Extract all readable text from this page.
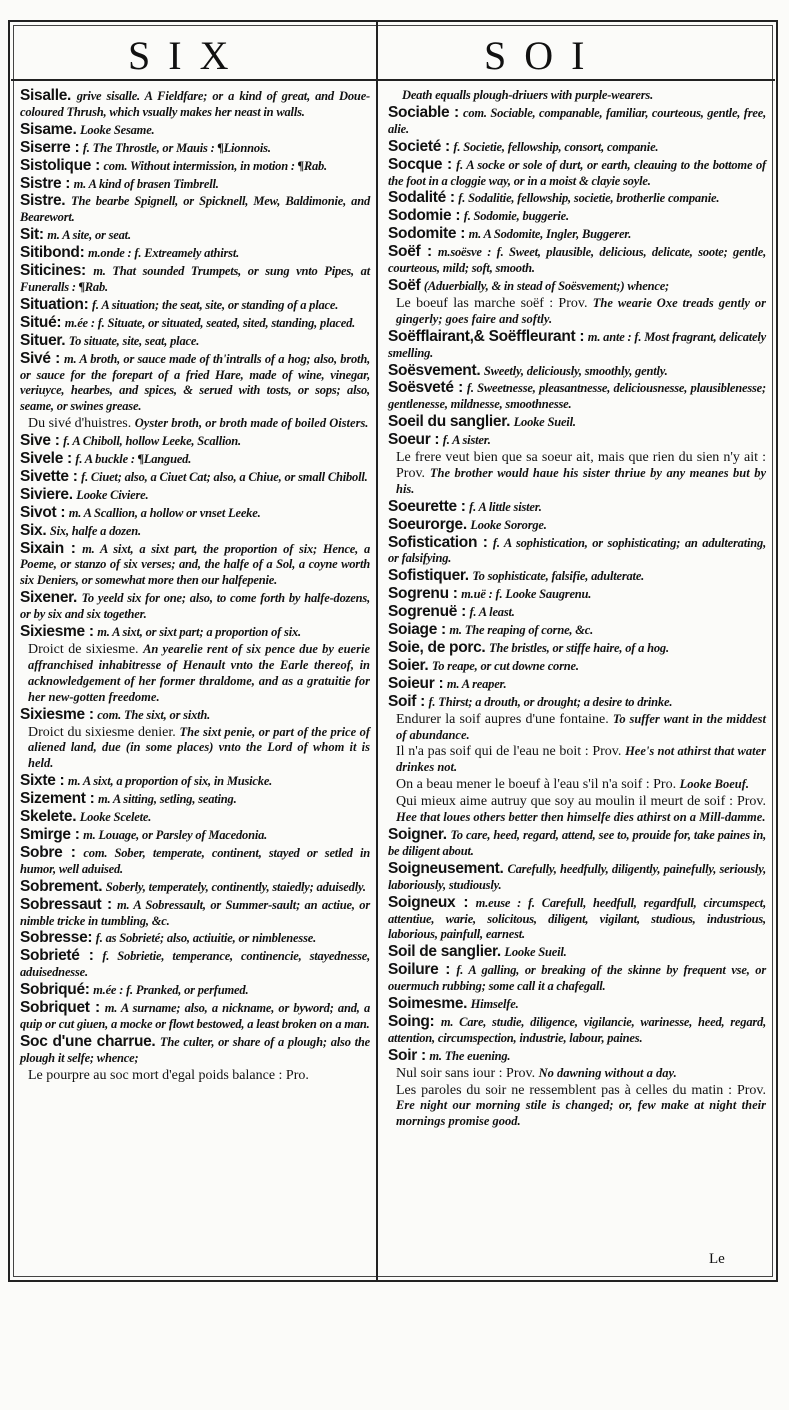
SIX	SOI
Sisalle. grive sisalle. A Fieldfare; or a kind of great, and Doue-coloured Thrush, which vsually makes her neast in walls.
Sisame. Looke Sesame.
Siserre : f. The Throstle, or Mauis : ¶Lionnois.
Sistolique : com. Without intermission, in motion : ¶Rab.
Sistre : m. A kind of brasen Timbrell.
Sistre. The bearbe Spignell, or Spicknell, Mew, Baldimonie, and Bearewort.
Sit: m. A site, or seat.
Sitibond: m.onde : f. Extreamely athirst.
Siticines: m. That sounded Trumpets, or sung vnto Pipes, at Funeralls : ¶Rab.
Situation: f. A situation; the seat, site, or standing of a place.
Situé: m.ée : f. Situate, or situated, seated, sited, standing, placed.
Situer. To situate, site, seat, place.
Sivé : m. A broth, or sauce made of th'intralls of a hog; also, broth, or sauce for the forepart of a fried Hare, made of wine, vinegar, veriuyce, hearbes, and spices, & serued with tosts, or sops; also, seame, or swines grease.
Du sivé d'huistres. Oyster broth, or broth made of boiled Oisters.
Sive : f. A Chiboll, hollow Leeke, Scallion.
Sivele : f. A buckle : ¶Langued.
Sivette : f. Ciuet; also, a Ciuet Cat; also, a Chiue, or small Chiboll.
Siviere. Looke Civiere.
Sivot : m. A Scallion, a hollow or vnset Leeke.
Six. Six, halfe a dozen.
Sixain : m. A sixt, a sixt part, the proportion of six; Hence, a Poeme, or stanzo of six verses; and, the halfe of a Sol, a coyne worth six Deniers, or somewhat more then our halfepenie.
Sixener. To yeeld six for one; also, to come forth by halfe-dozens, or by six and six together.
Sixiesme : m. A sixt, or sixt part; a proportion of six.
Droict de sixiesme. An yearelie rent of six pence due by euerie affranchised inhabitresse of Henault vnto the Earle thereof, in acknowledgement of her former thraldome, and as a gratuitie for her new-gotten freedome.
Sixiesme : com. The sixt, or sixth.
Droict du sixiesme denier. The sixt penie, or part of the price of aliened land, due (in some places) vnto the Lord of whom it is held.
Sixte : m. A sixt, a proportion of six, in Musicke.
Sizement : m. A sitting, setling, seating.
Skelete. Looke Scelete.
Smirge : m. Louage, or Parsley of Macedonia.
Sobre : com. Sober, temperate, continent, stayed or setled in humor, well aduised.
Sobrement. Soberly, temperately, continently, staiedly; aduisedly.
Sobressaut : m. A Sobressault, or Summer-sault; an actiue, or nimble tricke in tumbling, &c.
Sobresse: f. as Sobrieté; also, actiuitie, or nimblenesse.
Sobrieté : f. Sobrietie, temperance, continencie, stayednesse, aduisednesse.
Sobriqué: m.ée : f. Pranked, or perfumed.
Sobriquet : m. A surname; also, a nickname, or byword; and, a quip or cut giuen, a mocke or flowt bestowed, a least broken on a man.
Soc d'une charrue. The culter, or share of a plough; also the plough it selfe; whence;
Le pourpre au soc mort d'egal poids balance : Pro.
Death equalls plough-driuers with purple-wearers.
Sociable : com. Sociable, companable, familiar, courteous, gentle, free, alie.
Societé : f. Societie, fellowship, consort, companie.
Socque : f. A socke or sole of durt, or earth, cleauing to the bottome of the foot in a cloggie way, or in a moist & clayie soyle.
Sodalité : f. Sodalitie, fellowship, societie, brotherlie companie.
Sodomie : f. Sodomie, buggerie.
Sodomite : m. A Sodomite, Ingler, Buggerer.
Soëf : m.soësve : f. Sweet, plausible, delicious, delicate, soote; gentle, courteous, mild; soft, smooth.
Soëf (Aduerbially, & in stead of Soësvement;) whence;
Le boeuf las marche soëf : Prov. The wearie Oxe treads gently or gingerly; goes faire and softly.
Soëfflairant,& Soëffleurant : m. ante : f. Most fragrant, delicately smelling.
Soësvement. Sweetly, deliciously, smoothly, gently.
Soësveté : f. Sweetnesse, pleasantnesse, deliciousnesse, plausiblenesse; gentlenesse, mildnesse, smoothnesse.
Soeil du sanglier. Looke Sueil.
Soeur : f. A sister.
Le frere veut bien que sa soeur ait, mais que rien du sien n'y ait : Prov. The brother would haue his sister thriue by any meanes but by his.
Soeurette : f. A little sister.
Soeurorge. Looke Sororge.
Sofistication : f. A sophistication, or sophisticating; an adulterating, or falsifying.
Sofistiquer. To sophisticate, falsifie, adulterate.
Sogrenu : m.uë : f. Looke Saugrenu.
Sogrenuë : f. A least.
Soiage : m. The reaping of corne, &c.
Soie, de porc. The bristles, or stiffe haire, of a hog.
Soier. To reape, or cut downe corne.
Soieur : m. A reaper.
Soif : f. Thirst; a drouth, or drought; a desire to drinke.
Endurer la soif aupres d'une fontaine. To suffer want in the middest of abundance.
Il n'a pas soif qui de l'eau ne boit : Prov. Hee's not athirst that water drinkes not.
On a beau mener le boeuf à l'eau s'il n'a soif : Pro. Looke Boeuf.
Qui mieux aime autruy que soy au moulin il meurt de soif : Prov. Hee that loues others better then himselfe dies athirst on a Mill-damme.
Soigner. To care, heed, regard, attend, see to, prouide for, take paines in, be diligent about.
Soigneusement. Carefully, heedfully, diligently, painefully, seriously, laboriously, studiously.
Soigneux : m.euse : f. Carefull, heedfull, regardfull, circumspect, attentiue, warie, solicitous, diligent, vigilant, studious, industrious, laborious, painfull, earnest.
Soil de sanglier. Looke Sueil.
Soilure : f. A galling, or breaking of the skinne by frequent vse, or ouermuch rubbing; some call it a chafegall.
Soimesme. Himselfe.
Soing: m. Care, studie, diligence, vigilancie, warinesse, heed, regard, attention, circumspection, industrie, labour, paines.
Soir : m. The euening.
Nul soir sans iour : Prov. No dawning without a day.
Les paroles du soir ne ressemblent pas à celles du matin : Prov. Ere night our morning stile is changed; or, few make at night their mornings promise good.
Le
